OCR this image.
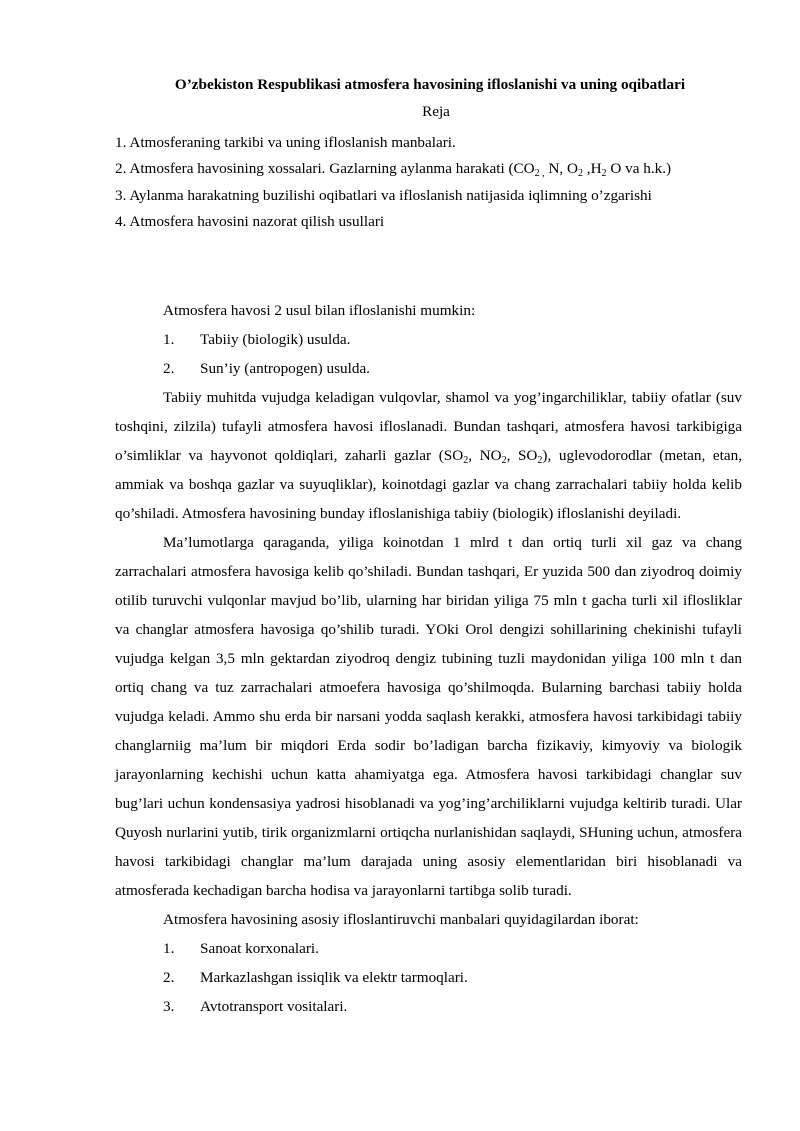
O’zbekiston Respublikasi atmosfera havosining ifloslanishi va uning oqibatlari
Reja
1. Atmosferaning tarkibi va uning ifloslanish manbalari.
2. Atmosfera havosining xossalari. Gazlarning aylanma harakati ($CO_{2 ,}$ N, $O_2$ $,H_2$ O va h.k.)
3. Aylanma harakatning buzilishi oqibatlari va ifloslanish natijasida iqlimning o’zgarishi
4. Atmosfera havosini nazorat qilish usullari
Atmosfera havosi 2 usul bilan ifloslanishi mumkin:
1.	Tabiiy (biologik) usulda.
2.	Sun’iy (antropogen) usulda.

Tabiiy muhitda vujudga keladigan vulqovlar, shamol va yog’ingarchiliklar, tabiiy ofatlar (suv toshqini, zilzila) tufayli atmosfera havosi ifloslanadi. Bundan tashqari, atmosfera havosi tarkibigiga o’simliklar va hayvonot qoldiqlari, zaharli gazlar ($SO_2$, $NO_2$, $SO_2$), uglevodorodlar (metan, etan, ammiak va boshqa gazlar va suyuqliklar), koinotdagi gazlar va chang zarrachalari tabiiy holda kelib qo’shiladi. Atmosfera havosining bunday ifloslanishiga tabiiy (biologik) ifloslanishi deyiladi.

Ma’lumotlarga qaraganda, yiliga koinotdan 1 mlrd t dan ortiq turli xil gaz va chang zarrachalari atmosfera havosiga kelib qo’shiladi. Bundan tashqari, Er yuzida 500 dan ziyodroq doimiy otilib turuvchi vulqonlar mavjud bo’lib, ularning har biridan yiliga 75 mln t gacha turli xil iflosliklar va changlar atmosfera havosiga qo’shilib turadi. YOki Orol dengizi sohillarining chekinishi tufayli vujudga kelgan 3,5 mln gektardan ziyodroq dengiz tubining tuzli maydonidan yiliga 100 mln t dan ortiq chang va tuz zarrachalari atmoefera havosiga qo’shilmoqda. Bularning barchasi tabiiy holda vujudga keladi. Ammo shu erda bir narsani yodda saqlash kerakki, atmosfera havosi tarkibidagi tabiiy changlarniig ma’lum bir miqdori Erda sodir bo’ladigan barcha fizikaviy, kimyoviy va biologik jarayonlarning kechishi uchun katta ahamiyatga ega. Atmosfera havosi tarkibidagi changlar suv bug’lari uchun kondensasiya yadrosi hisoblanadi va yog’ing’archiliklarni vujudga keltirib turadi. Ular Quyosh nurlarini yutib, tirik organizmlarni ortiqcha nurlanishidan saqlaydi, SHuning uchun, atmosfera havosi tarkibidagi changlar ma’lum darajada uning asosiy elementlaridan biri hisoblanadi va atmosferada kechadigan barcha hodisa va jarayonlarni tartibga solib turadi.

Atmosfera havosining asosiy ifloslantiruvchi manbalari quyidagilardan iborat:
1.	Sanoat korxonalari.
2.	Markazlashgan issiqlik va elektr tarmoqlari.
3.	Avtotransport vositalari.
